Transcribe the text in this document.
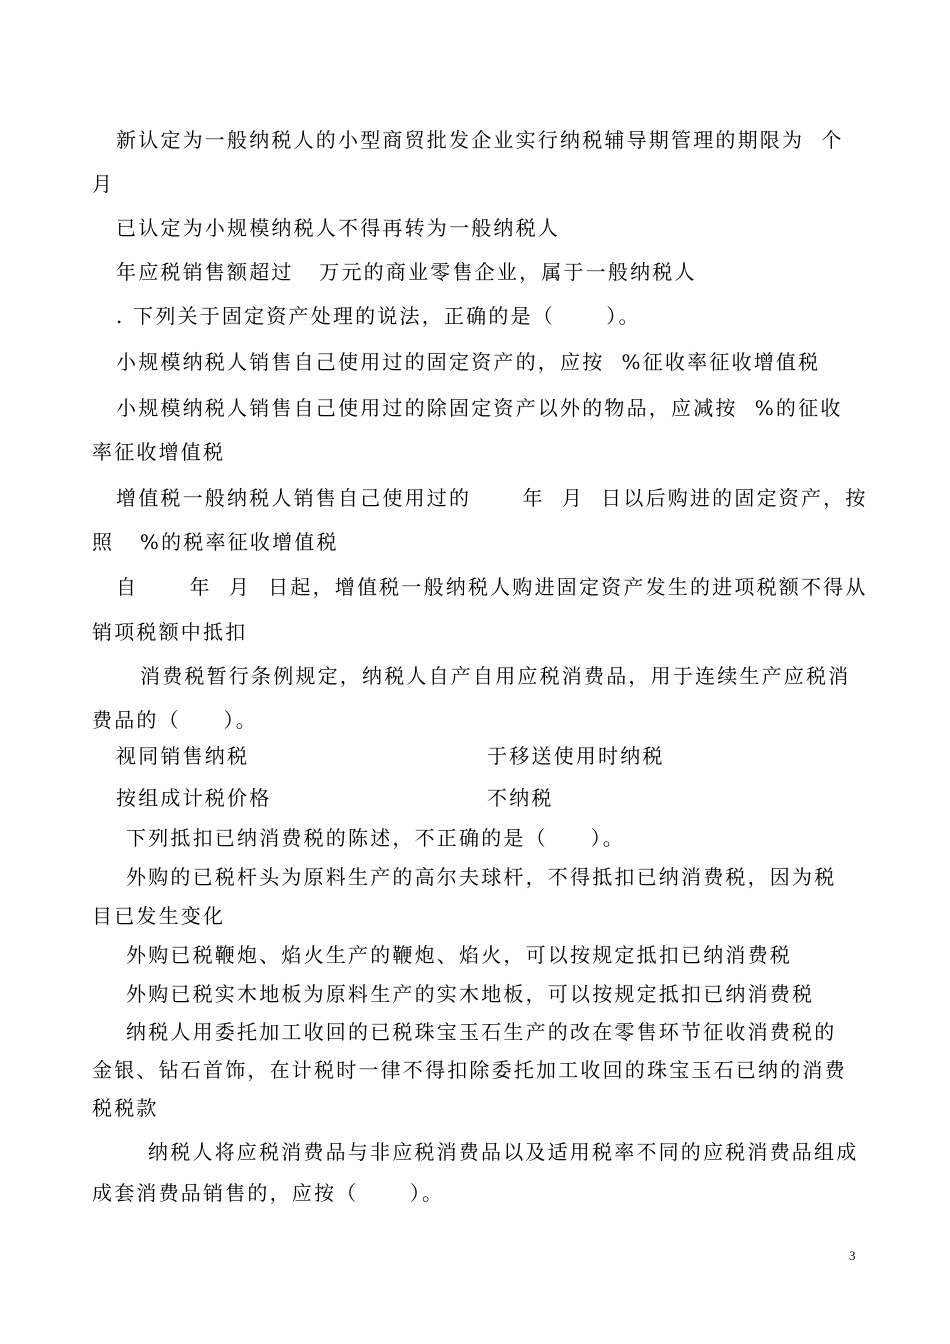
新认定为一般纳税人的小型商贸批发企业实行纳税辅导期管理的期限为  个
月
已认定为小规模纳税人不得再转为一般纳税人
年应税销售额超过   万元的商业零售企业，属于一般纳税人
. 下列关于固定资产处理的说法，正确的是（      ）。
小规模纳税人销售自己使用过的固定资产的，应按  %征收率征收增值税
小规模纳税人销售自己使用过的除固定资产以外的物品，应减按  %的征收
率征收增值税
增值税一般纳税人销售自己使用过的      年  月  日以后购进的固定资产，按
照   %的税率征收增值税
自      年  月  日起，增值税一般纳税人购进固定资产发生的进项税额不得从
销项税额中抵扣
消费税暂行条例规定，纳税人自产自用应税消费品，用于连续生产应税消
费品的（     ）。
视同销售纳税	于移送使用时纳税
按组成计税价格	不纳税
下列抵扣已纳消费税的陈述，不正确的是（     ）。
外购的已税杆头为原料生产的高尔夫球杆，不得抵扣已纳消费税，因为税
目已发生变化
外购已税鞭炮、焰火生产的鞭炮、焰火，可以按规定抵扣已纳消费税
外购已税实木地板为原料生产的实木地板，可以按规定抵扣已纳消费税
纳税人用委托加工收回的已税珠宝玉石生产的改在零售环节征收消费税的
金银、钻石首饰，在计税时一律不得扣除委托加工收回的珠宝玉石已纳的消费
税税款
纳税人将应税消费品与非应税消费品以及适用税率不同的应税消费品组成
成套消费品销售的，应按（      ）。
3
